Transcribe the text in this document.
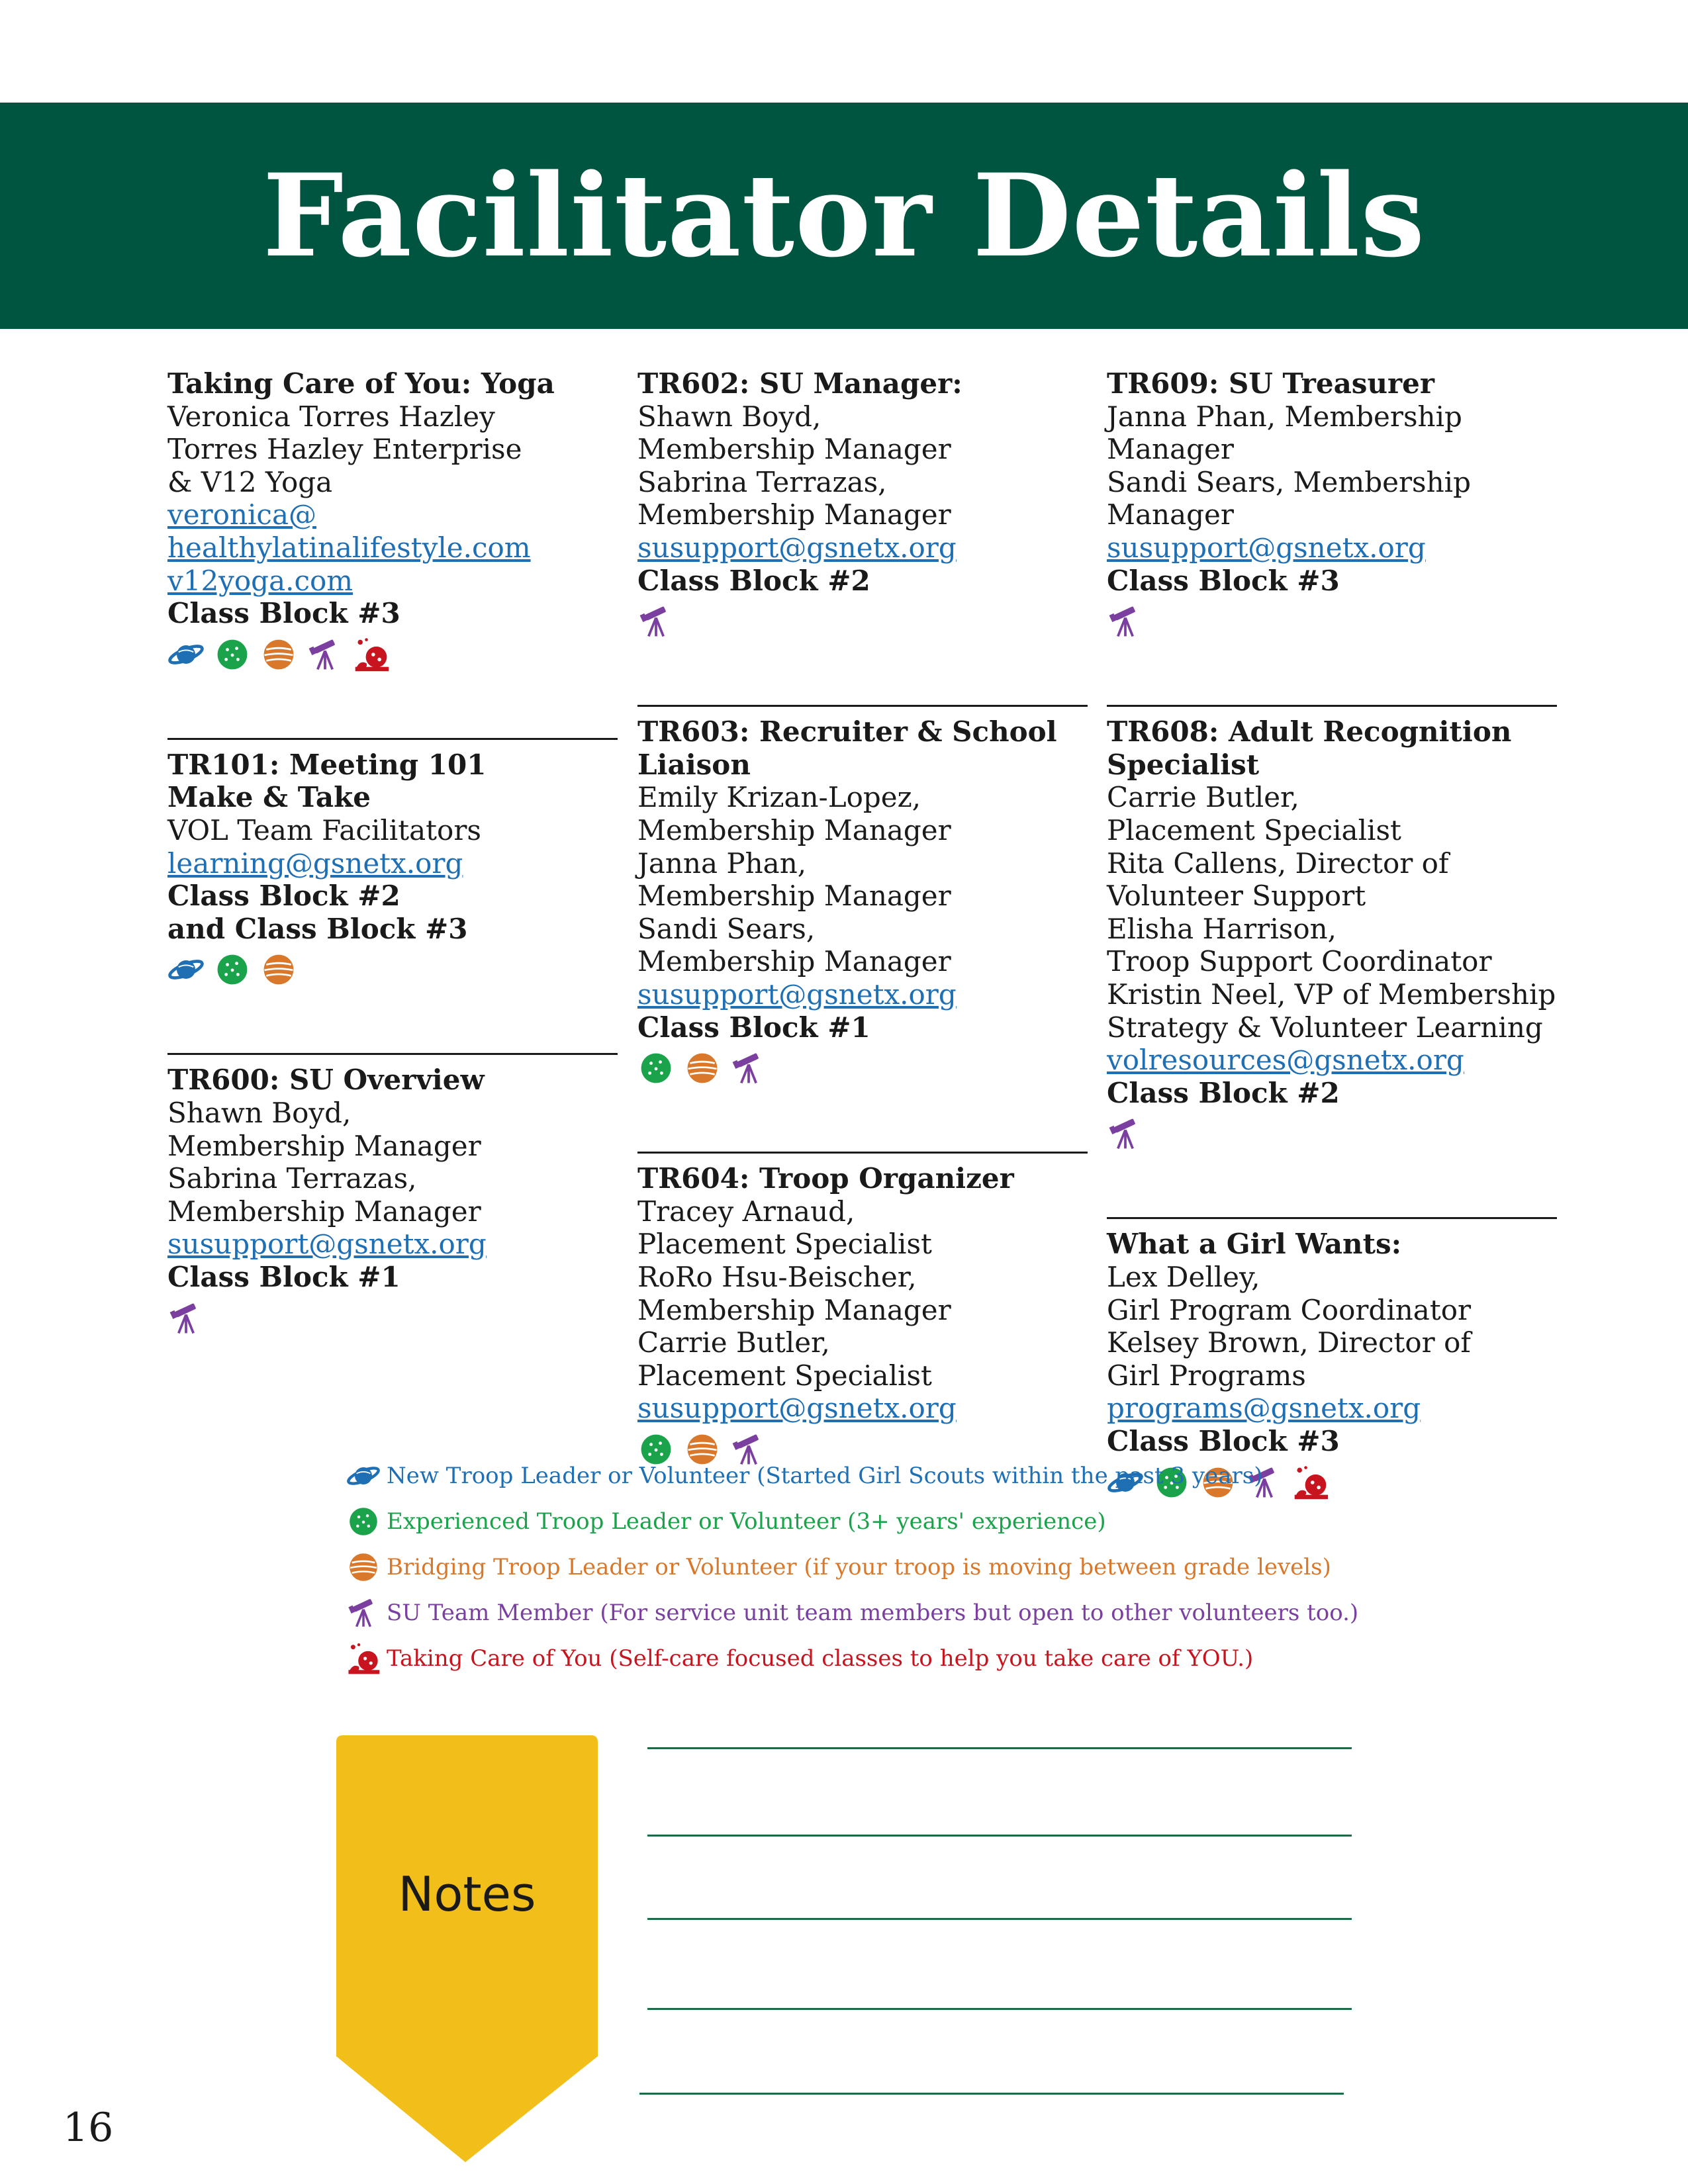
Facilitator Details
Taking Care of You: Yoga
Veronica Torres Hazley
Torres Hazley Enterprise
& V12 Yoga
veronica@
healthylatinalifestyle.com
v12yoga.com
Class Block #3
TR101: Meeting 101
Make & Take
VOL Team Facilitators
learning@gsnetx.org
Class Block #2
and Class Block #3
TR600: SU Overview
Shawn Boyd,
Membership Manager
Sabrina Terrazas,
Membership Manager
susupport@gsnetx.org
Class Block #1
TR602: SU Manager:
Shawn Boyd,
Membership Manager
Sabrina Terrazas,
Membership Manager
susupport@gsnetx.org
Class Block #2
TR603: Recruiter & School
Liaison
Emily Krizan-Lopez,
Membership Manager
Janna Phan,
Membership Manager
Sandi Sears,
Membership Manager
susupport@gsnetx.org
Class Block #1
TR604: Troop Organizer
Tracey Arnaud,
Placement Specialist
RoRo Hsu-Beischer,
Membership Manager
Carrie Butler,
Placement Specialist
susupport@gsnetx.org
TR609: SU Treasurer
Janna Phan, Membership
Manager
Sandi Sears, Membership
Manager
susupport@gsnetx.org
Class Block #3
TR608: Adult Recognition
Specialist
Carrie Butler,
Placement Specialist
Rita Callens, Director of
Volunteer Support
Elisha Harrison,
Troop Support Coordinator
Kristin Neel, VP of Membership
Strategy & Volunteer Learning
volresources@gsnetx.org
Class Block #2
What a Girl Wants:
Lex Delley,
Girl Program Coordinator
Kelsey Brown, Director of
Girl Programs
programs@gsnetx.org
Class Block #3
New Troop Leader or Volunteer (Started Girl Scouts within the past 3 years)
Experienced Troop Leader or Volunteer (3+ years' experience)
Bridging Troop Leader or Volunteer (if your troop is moving between grade levels)
SU Team Member (For service unit team members but open to other volunteers too.)
Taking Care of You (Self-care focused classes to help you take care of YOU.)
Notes
16
